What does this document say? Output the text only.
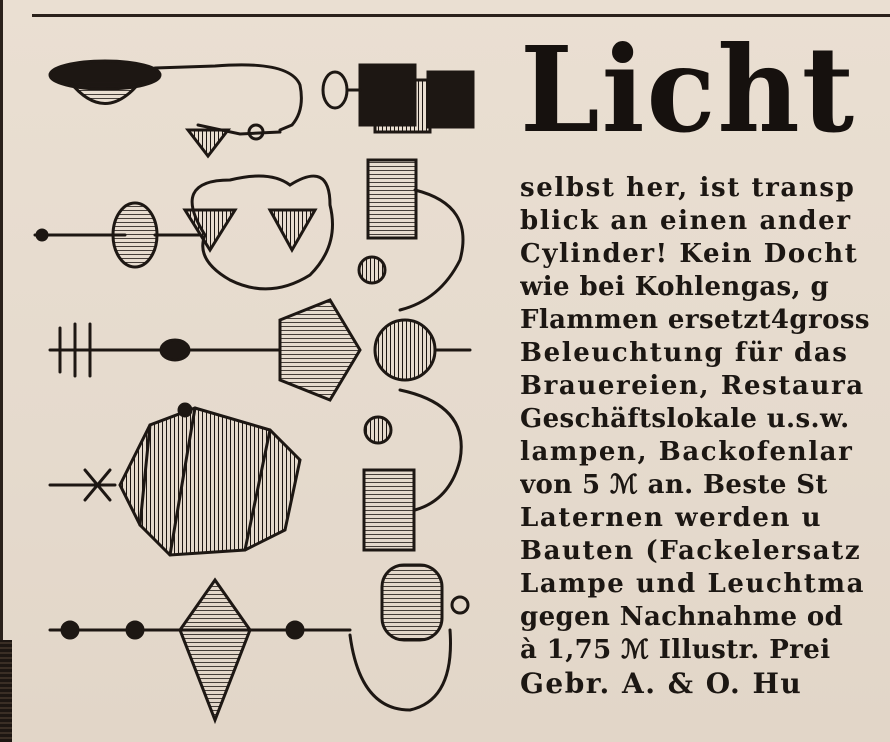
Licht
selbst her, ist transp
blick an einen ander
Cylinder! Kein Docht
wie bei Kohlengas, g
Flammen ersetzt4gross
Beleuchtung für das
Brauereien, Restaura
Geschäftslokale u.s.w.
lampen, Backofenlar
von 5 ℳ an. Beste St
Laternen werden u
Bauten (Fackelersatz
Lampe und Leuchtma
gegen Nachnahme od
à 1,75 ℳ Illustr. Prei
Gebr. A. & O. Hu
